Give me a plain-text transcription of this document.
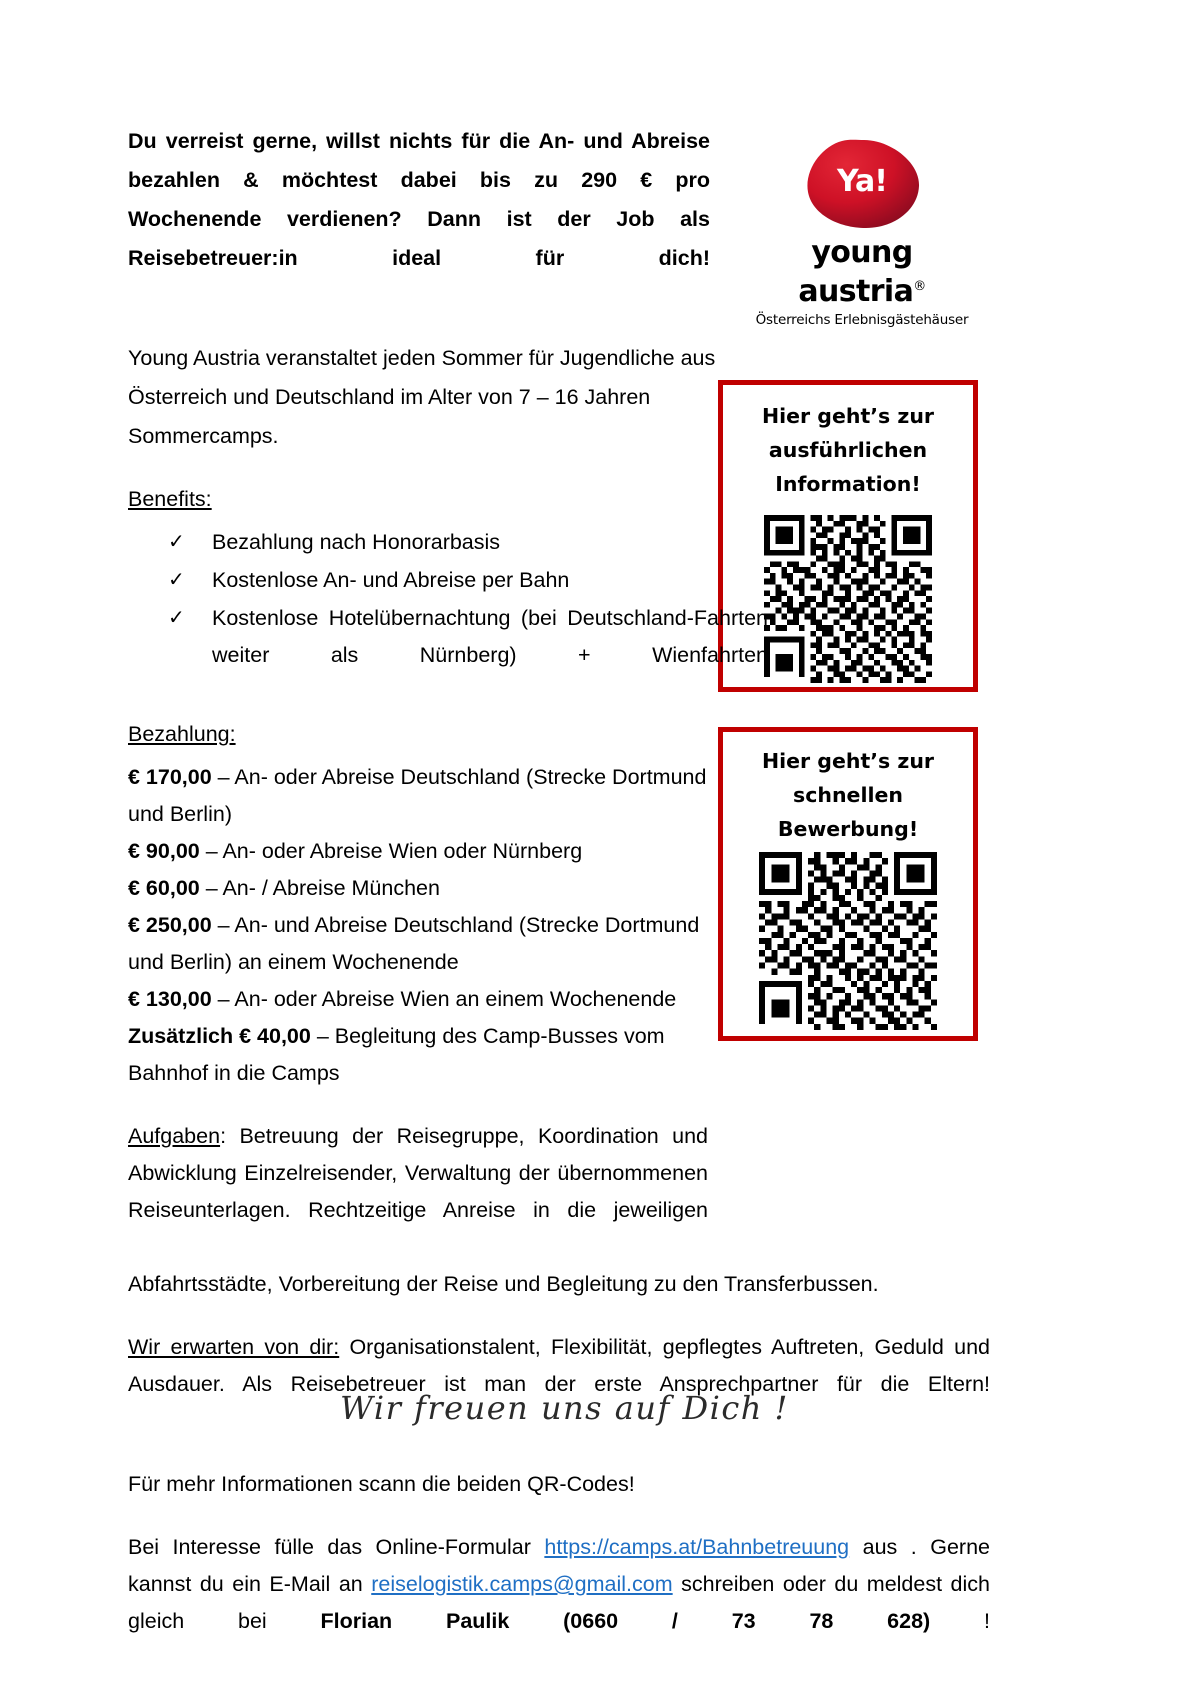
Ya!
young austria®
Österreichs Erlebnisgästehäuser
Hier geht’s zur
ausführlichen
Information!
Hier geht’s zur
schnellen
Bewerbung!

Du verreist gerne, willst nichts für die An- und Abreise bezahlen & möchtest dabei bis zu 290 € pro Wochenende verdienen? Dann ist der Job als Reisebetreuer:in ideal für dich!

Young Austria veranstaltet jeden Sommer für Jugendliche aus Österreich und Deutschland im Alter von 7 – 16 Jahren Sommercamps.

Benefits:
✓ Bezahlung nach Honorarbasis
✓ Kostenlose An- und Abreise per Bahn
✓ Kostenlose Hotelübernachtung (bei Deutschland-Fahrten weiter als Nürnberg) + Wienfahrten
Bezahlung:

€ 170,00 – An- oder Abreise Deutschland (Strecke Dortmund und Berlin)

€ 90,00 – An- oder Abreise Wien oder Nürnberg

€ 60,00 – An- / Abreise München

€ 250,00 – An- und Abreise Deutschland (Strecke Dortmund und Berlin) an einem Wochenende

€ 130,00 – An- oder Abreise Wien an einem Wochenende

Zusätzlich € 40,00 – Begleitung des Camp-Busses vom Bahnhof in die Camps

Aufgaben: Betreuung der Reisegruppe, Koordination und Abwicklung Einzelreisender, Verwaltung der übernommenen Reiseunterlagen. Rechtzeitige Anreise in die jeweiligen

Abfahrtsstädte, Vorbereitung der Reise und Begleitung zu den Transferbussen.

Wir erwarten von dir: Organisationstalent, Flexibilität, gepflegtes Auftreten, Geduld und Ausdauer. Als Reisebetreuer ist man der erste Ansprechpartner für die Eltern!

Für mehr Informationen scann die beiden QR-Codes!

Bei Interesse fülle das Online-Formular https://camps.at/Bahnbetreuung aus . Gerne kannst du ein E-Mail an reiselogistik.camps@gmail.com schreiben oder du meldest dich gleich bei Florian Paulik (0660 / 73 78 628) !

Wir freuen uns auf Dich !
